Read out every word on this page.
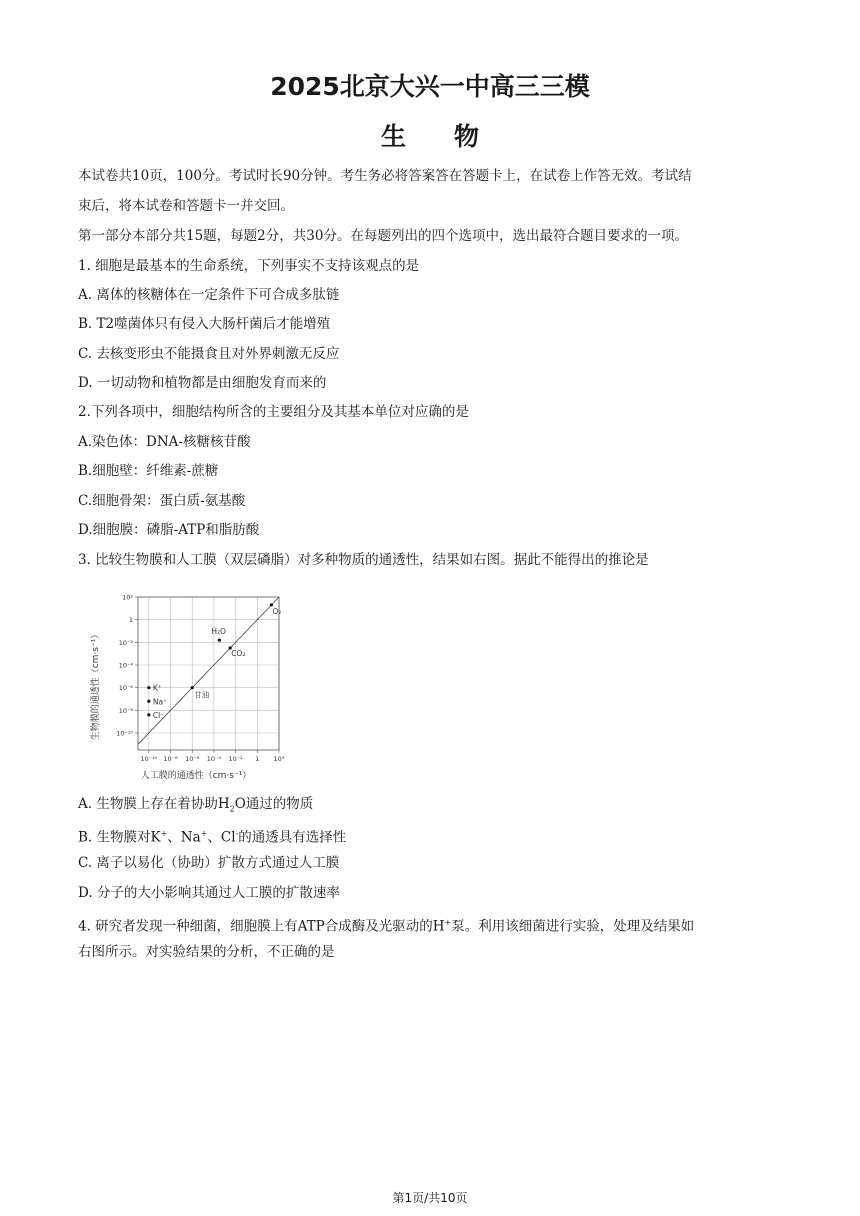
2025北京大兴一中高三三模
生 物
本试卷共10页，100分。考试时长90分钟。考生务必将答案答在答题卡上，在试卷上作答无效。考试结
束后，将本试卷和答题卡一并交回。
第一部分本部分共15题，每题2分，共30分。在每题列出的四个选项中，选出最符合题目要求的一项。
1. 细胞是最基本的生命系统，下列事实不支持该观点的是
A. 离体的核糖体在一定条件下可合成多肽链
B. T2噬菌体只有侵入大肠杆菌后才能增殖
C. 去核变形虫不能摄食且对外界刺激无反应
D. 一切动物和植物都是由细胞发育而来的
2.下列各项中，细胞结构所含的主要组分及其基本单位对应确的是
A.染色体：DNA-核糖核苷酸
B.细胞壁：纤维素-蔗糖
C.细胞骨架：蛋白质-氨基酸
D.细胞膜：磷脂-ATP和脂肪酸
3. 比较生物膜和人工膜（双层磷脂）对多种物质的通透性，结果如右图。据此不能得出的推论是
10⁻¹⁰ 10⁻⁸ 10⁻⁶ 10⁻⁴ 10⁻² 1 10²
10²
1
10⁻²
10⁻⁴
10⁻⁶
10⁻⁸
10⁻¹⁰
O₂
H₂O
CO₂
甘油
K⁺
Na⁺
Cl⁻
人工膜的通透性（cm·s⁻¹）
生物膜的通透性（cm·s⁻¹）
A. 生物膜上存在着协助$H_2O$通过的物质
B. 生物膜对K+、Na+、Cl-的通透具有选择性
C. 离子以易化（协助）扩散方式通过人工膜
D. 分子的大小影响其通过人工膜的扩散速率
4. 研究者发现一种细菌，细胞膜上有ATP合成酶及光驱动的H+泵。利用该细菌进行实验，处理及结果如
右图所示。对实验结果的分析，不正确的是
第1页/共10页
